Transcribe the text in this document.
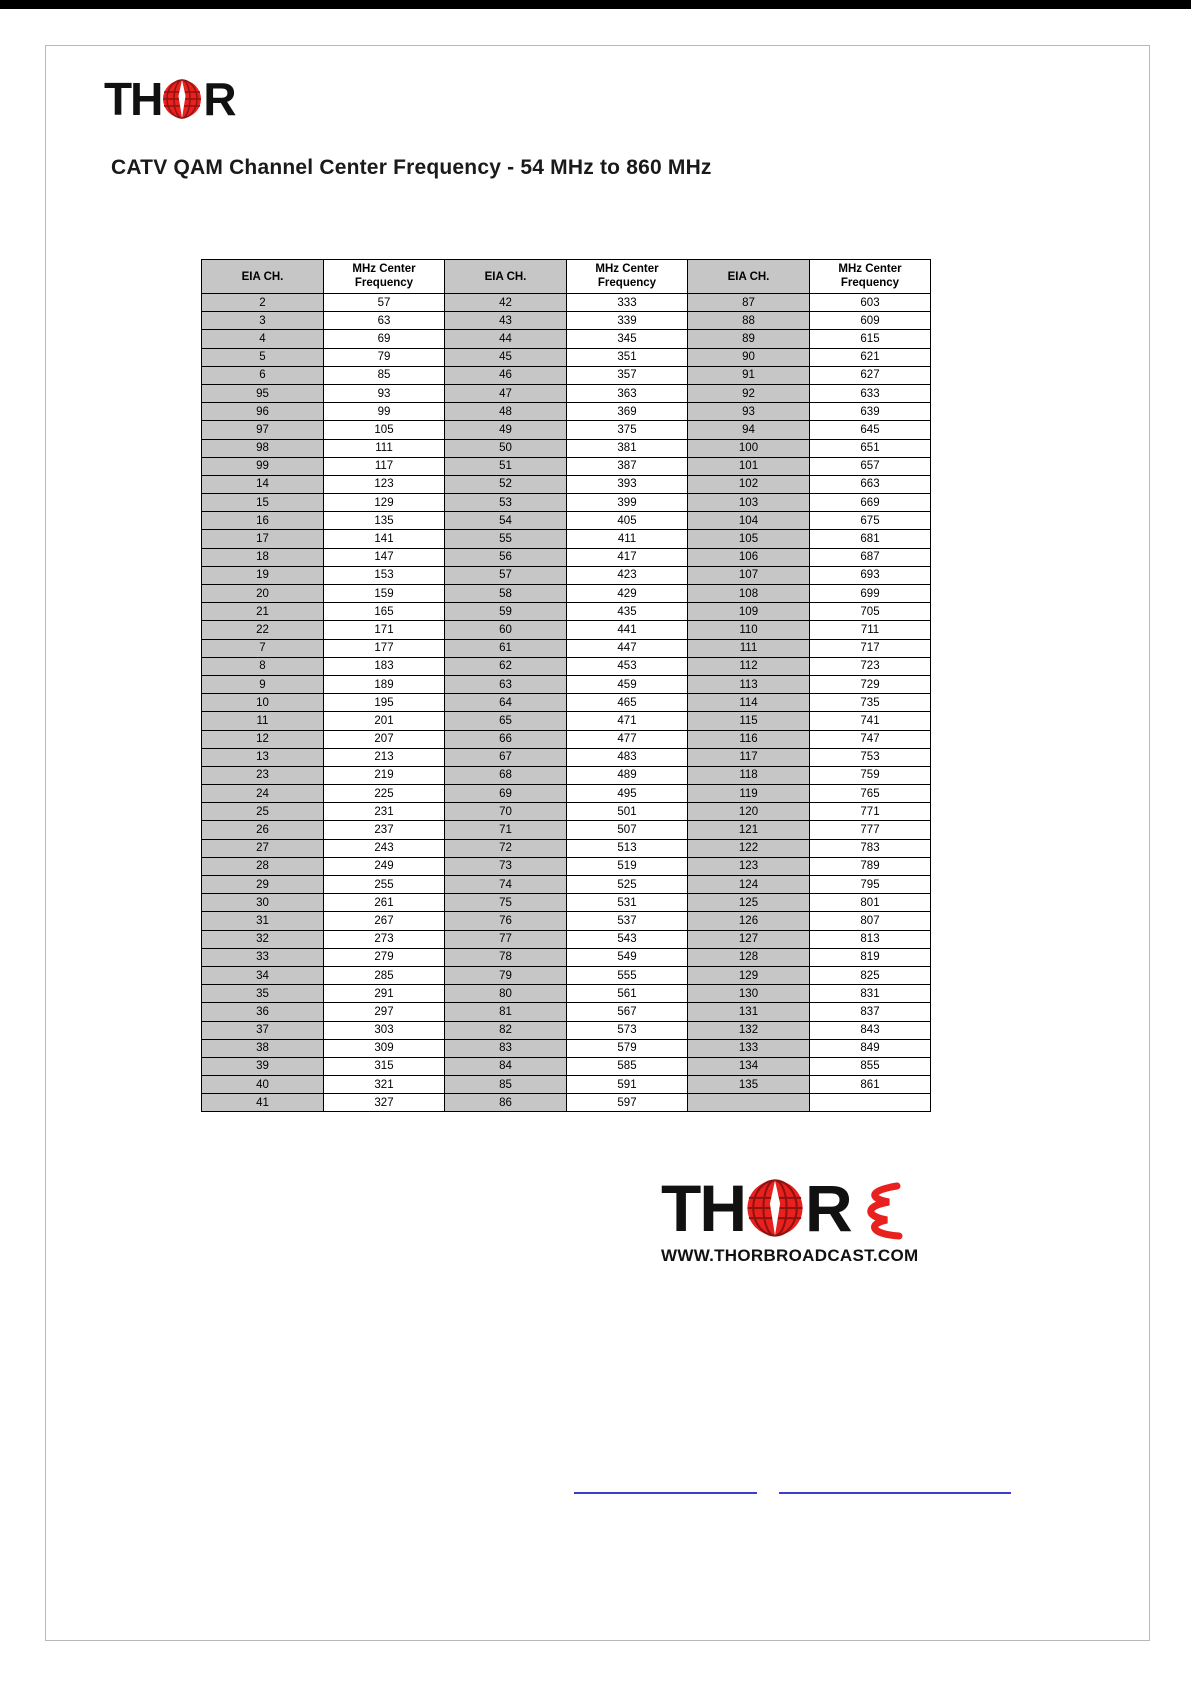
TH R
CATV QAM Channel Center Frequency - 54 MHz to 860 MHz
EIA CH.	MHz Center Frequency	EIA CH.	MHz Center Frequency	EIA CH.	MHz Center Frequency
2	57	42	333	87	603
3	63	43	339	88	609
4	69	44	345	89	615
5	79	45	351	90	621
6	85	46	357	91	627
95	93	47	363	92	633
96	99	48	369	93	639
97	105	49	375	94	645
98	111	50	381	100	651
99	117	51	387	101	657
14	123	52	393	102	663
15	129	53	399	103	669
16	135	54	405	104	675
17	141	55	411	105	681
18	147	56	417	106	687
19	153	57	423	107	693
20	159	58	429	108	699
21	165	59	435	109	705
22	171	60	441	110	711
7	177	61	447	111	717
8	183	62	453	112	723
9	189	63	459	113	729
10	195	64	465	114	735
11	201	65	471	115	741
12	207	66	477	116	747
13	213	67	483	117	753
23	219	68	489	118	759
24	225	69	495	119	765
25	231	70	501	120	771
26	237	71	507	121	777
27	243	72	513	122	783
28	249	73	519	123	789
29	255	74	525	124	795
30	261	75	531	125	801
31	267	76	537	126	807
32	273	77	543	127	813
33	279	78	549	128	819
34	285	79	555	129	825
35	291	80	561	130	831
36	297	81	567	131	837
37	303	82	573	132	843
38	309	83	579	133	849
39	315	84	585	134	855
40	321	85	591	135	861
41	327	86	597		
TH R
WWW.THORBROADCAST.COM
